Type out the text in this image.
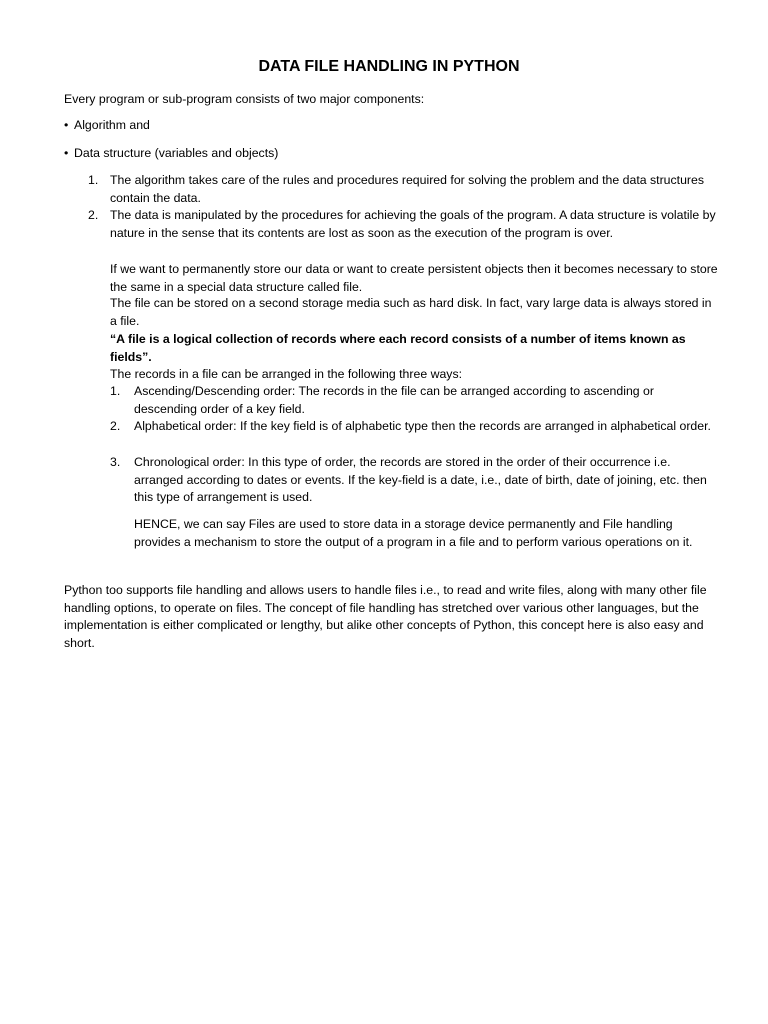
DATA FILE HANDLING IN PYTHON

Every program or sub-program consists of two major components:

• Algorithm and

• Data structure (variables and objects)

1. The algorithm takes care of the rules and procedures required for solving the problem and the data structures contain the data.
2. The data is manipulated by the procedures for achieving the goals of the program. A data structure is volatile by nature in the sense that its contents are lost as soon as the execution of the program is over.

If we want to permanently store our data or want to create persistent objects then it becomes necessary to store the same in a special data structure called file.

The file can be stored on a second storage media such as hard disk. In fact, vary large data is always stored in a file.

“A file is a logical collection of records where each record consists of a number of items known as fields”.

The records in a file can be arranged in the following three ways:

1.	Ascending/Descending order: The records in the file can be arranged according to ascending or descending order of a key field.
2.	Alphabetical order: If the key field is of alphabetic type then the records are arranged in alphabetical order.
3.	Chronological order: In this type of order, the records are stored in the order of their occurrence i.e. arranged according to dates or events. If the key-field is a date, i.e., date of birth, date of joining, etc. then this type of arrangement is used.

HENCE, we can say Files are used to store data in a storage device permanently and File handling provides a mechanism to store the output of a program in a file and to perform various operations on it.

Python too supports file handling and allows users to handle files i.e., to read and write files, along with many other file handling options, to operate on files. The concept of file handling has stretched over various other languages, but the implementation is either complicated or lengthy, but alike other concepts of Python, this concept here is also easy and short.
